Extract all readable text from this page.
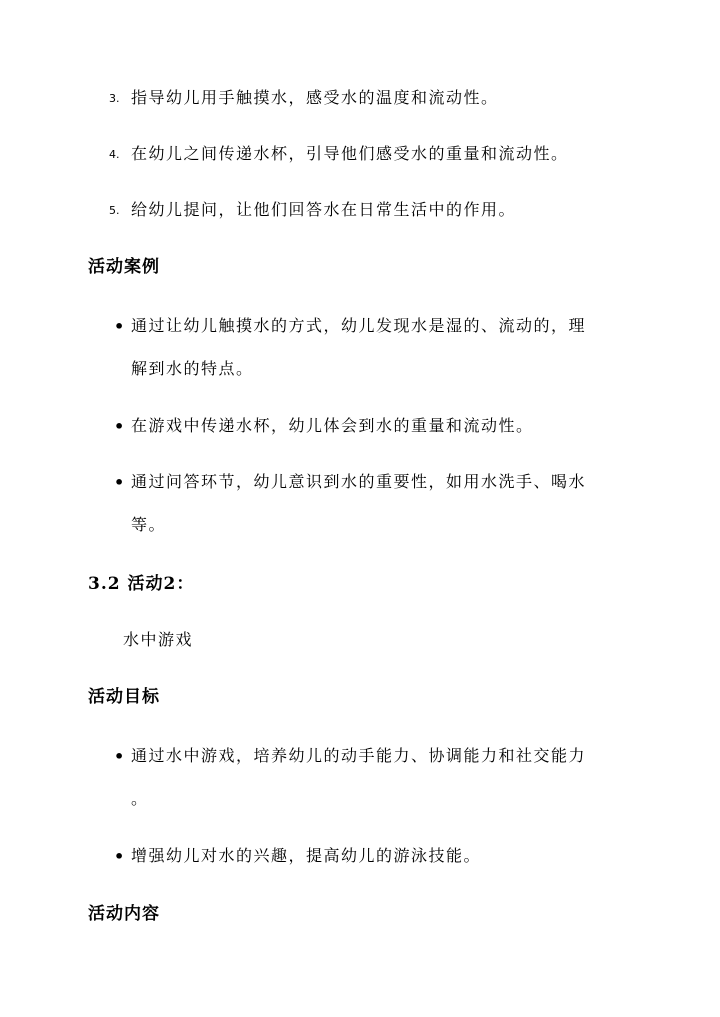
3. 指导幼儿用手触摸水，感受水的温度和流动性。
4. 在幼儿之间传递水杯，引导他们感受水的重量和流动性。
5. 给幼儿提问，让他们回答水在日常生活中的作用。
活动案例
• 通过让幼儿触摸水的方式，幼儿发现水是湿的、流动的，理
解到水的特点。
• 在游戏中传递水杯，幼儿体会到水的重量和流动性。
• 通过问答环节，幼儿意识到水的重要性，如用水洗手、喝水
等。
3.2 活动2：
水中游戏
活动目标
• 通过水中游戏，培养幼儿的动手能力、协调能力和社交能力
。
• 增强幼儿对水的兴趣，提高幼儿的游泳技能。
活动内容
